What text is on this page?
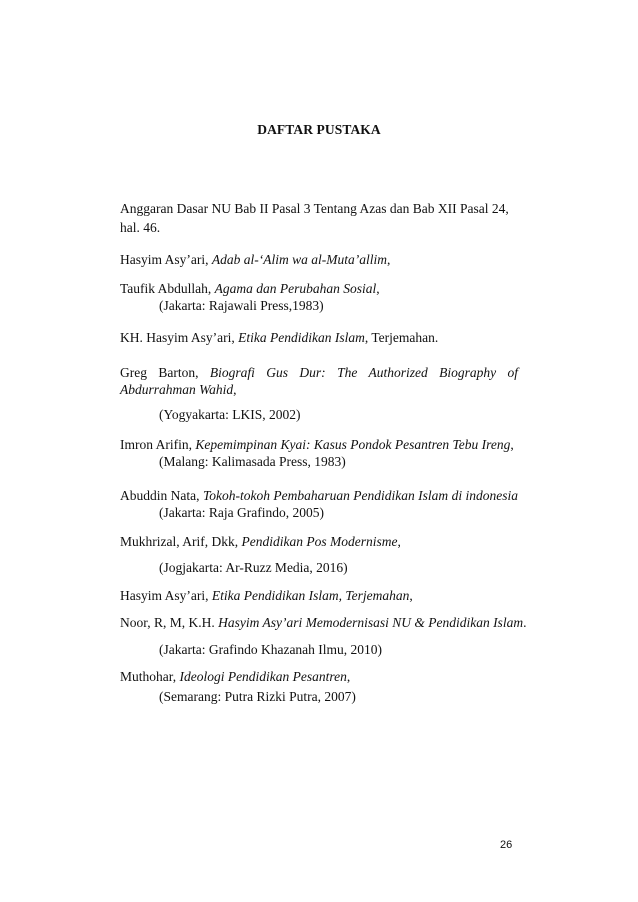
DAFTAR PUSTAKA
Anggaran Dasar NU Bab II Pasal 3 Tentang Azas dan Bab XII Pasal 24,
hal. 46.
Hasyim Asy’ari, Adab al-‘Alim wa al-Muta’allim,
Taufik Abdullah, Agama dan Perubahan Sosial,
(Jakarta: Rajawali Press,1983)
KH. Hasyim Asy’ari, Etika Pendidikan Islam, Terjemahan.
Greg Barton, Biografi Gus Dur: The Authorized Biography of
Abdurrahman Wahid,
(Yogyakarta: LKIS, 2002)
Imron Arifin, Kepemimpinan Kyai: Kasus Pondok Pesantren Tebu Ireng,
(Malang: Kalimasada Press, 1983)
Abuddin Nata, Tokoh-tokoh Pembaharuan Pendidikan Islam di indonesia
(Jakarta: Raja Grafindo, 2005)
Mukhrizal, Arif, Dkk, Pendidikan Pos Modernisme,
(Jogjakarta: Ar-Ruzz Media, 2016)
Hasyim Asy’ari, Etika Pendidikan Islam, Terjemahan,
Noor, R, M, K.H. Hasyim Asy’ari Memodernisasi NU & Pendidikan Islam.
(Jakarta: Grafindo Khazanah Ilmu, 2010)
Muthohar, Ideologi Pendidikan Pesantren,
(Semarang: Putra Rizki Putra, 2007)
26
